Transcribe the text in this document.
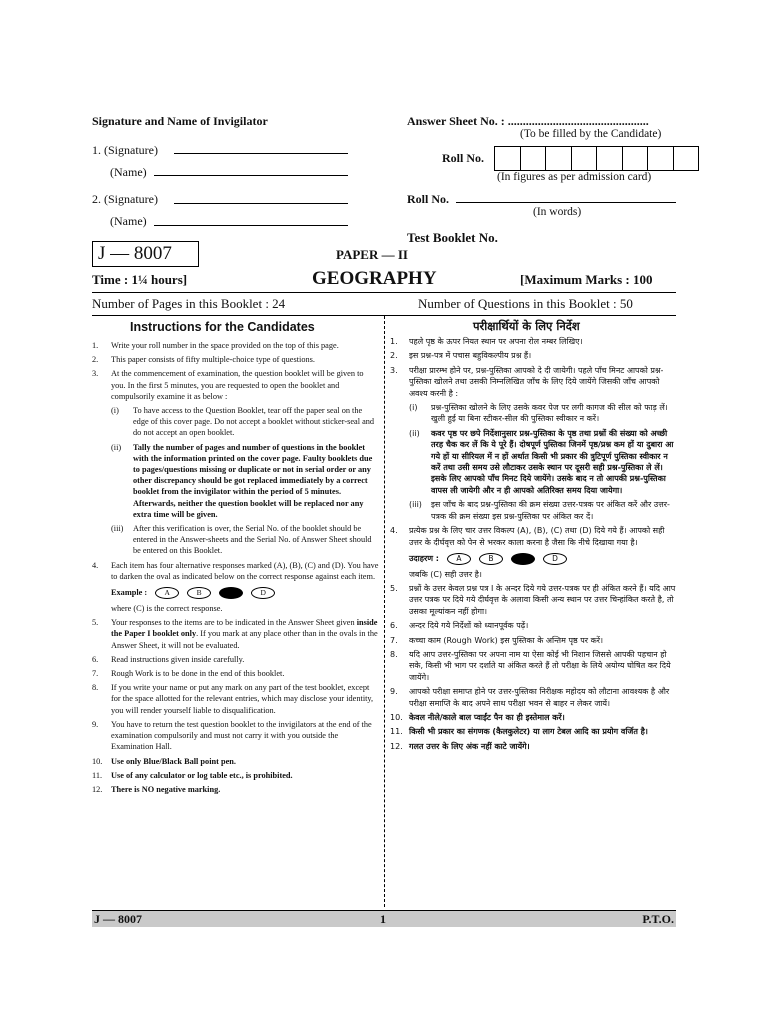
Signature and Name of Invigilator
1. (Signature)
(Name)
2. (Signature)
(Name)
Answer Sheet No. : ...............................................
(To be filled by the Candidate)
Roll No.
(In figures as per admission card)
Roll No.
(In words)
Test Booklet No.
J — 8007	PAPER — II
Time : 1¼ hours]	GEOGRAPHY	[Maximum Marks : 100
Number of Pages in this Booklet : 24	Number of Questions in this Booklet : 50
Instructions for the Candidates
1. Write your roll number in the space provided on the top of this page.
2. This paper consists of fifty multiple-choice type of questions.
3. At the commencement of examination, the question booklet will be given to you. In the first 5 minutes, you are requested to open the booklet and compulsorily examine it as below :
(i) To have access to the Question Booklet, tear off the paper seal on the edge of this cover page. Do not accept a booklet without sticker-seal and do not accept an open booklet.
(ii) Tally the number of pages and number of questions in the booklet with the information printed on the cover page. Faulty booklets due to pages/questions missing or duplicate or not in serial order or any other discrepancy should be got replaced immediately by a correct booklet from the invigilator within the period of 5 minutes. Afterwards, neither the question booklet will be replaced nor any extra time will be given.
(iii) After this verification is over, the Serial No. of the booklet should be entered in the Answer-sheets and the Serial No. of Answer Sheet should be entered on this Booklet.
4. Each item has four alternative responses marked (A), (B), (C) and (D). You have to darken the oval as indicated below on the correct response against each item.
Example :	A	B	C	D
where (C) is the correct response.
5. Your responses to the items are to be indicated in the Answer Sheet given inside the Paper I booklet only. If you mark at any place other than in the ovals in the Answer Sheet, it will not be evaluated.
6. Read instructions given inside carefully.
7. Rough Work is to be done in the end of this booklet.
8. If you write your name or put any mark on any part of the test booklet, except for the space allotted for the relevant entries, which may disclose your identity, you will render yourself liable to disqualification.
9. You have to return the test question booklet to the invigilators at the end of the examination compulsorily and must not carry it with you outside the Examination Hall.
10. Use only Blue/Black Ball point pen.
11. Use of any calculator or log table etc., is prohibited.
12. There is NO negative marking.
परीक्षार्थियों के लिए निर्देश
1. पहले पृष्ठ के ऊपर नियत स्थान पर अपना रोल नम्बर लिखिए।
2. इस प्रश्न-पत्र में पचास बहुविकल्पीय प्रश्न हैं।
3. परीक्षा प्रारम्भ होने पर, प्रश्न-पुस्तिका आपको दे दी जायेगी। पहले पाँच मिनट आपको प्रश्न-पुस्तिका खोलने तथा उसकी निम्नलिखित जाँच के लिए दिये जायेंगे जिसकी जाँच आपको अवश्य करनी है :
(i) प्रश्न-पुस्तिका खोलने के लिए उसके कवर पेज पर लगी कागज की सील को फाड़ लें। खुली हुई या बिना स्टीकर-सील की पुस्तिका स्वीकार न करें।
(ii) कवर पृष्ठ पर छपे निर्देशानुसार प्रश्न-पुस्तिका के पृष्ठ तथा प्रश्नों की संख्या को अच्छी तरह चैक कर लें कि ये पूरे हैं। दोषपूर्ण पुस्तिका जिनमें पृष्ठ/प्रश्न कम हों या दुबारा आ गये हों या सीरियल में न हों अर्थात किसी भी प्रकार की त्रुटिपूर्ण पुस्तिका स्वीकार न करें तथा उसी समय उसे लौटाकर उसके स्थान पर दूसरी सही प्रश्न-पुस्तिका ले लें। इसके लिए आपको पाँच मिनट दिये जायेंगे। उसके बाद न तो आपकी प्रश्न-पुस्तिका वापस ली जायेगी और न ही आपको अतिरिक्त समय दिया जायेगा।
(iii) इस जाँच के बाद प्रश्न-पुस्तिका की क्रम संख्या उत्तर-पत्रक पर अंकित करें और उत्तर-पत्रक की क्रम संख्या इस प्रश्न-पुस्तिका पर अंकित कर दें।
4. प्रत्येक प्रश्न के लिए चार उत्तर विकल्प (A), (B), (C) तथा (D) दिये गये हैं। आपको सही उत्तर के दीर्घवृत्त को पेन से भरकर काला करना है जैसा कि नीचे दिखाया गया है।
उदाहरण :	A	B	C	D
जबकि (C) सही उत्तर है।
5. प्रश्नों के उत्तर केवल प्रश्न पत्र I के अन्दर दिये गये उत्तर-पत्रक पर ही अंकित करने हैं। यदि आप उत्तर पत्रक पर दिये गये दीर्घवृत्त के अलावा किसी अन्य स्थान पर उत्तर चिन्हांकित करते है, तो उसका मूल्यांकन नहीं होगा।
6. अन्दर दिये गये निर्देशों को ध्यानपूर्वक पढ़ें।
7. कच्चा काम (Rough Work) इस पुस्तिका के अन्तिम पृष्ठ पर करें।
8. यदि आप उत्तर-पुस्तिका पर अपना नाम या ऐसा कोई भी निशान जिससे आपकी पहचान हो सके, किसी भी भाग पर दर्शाते या अंकित करते हैं तो परीक्षा के लिये अयोग्य घोषित कर दिये जायेंगे।
9. आपको परीक्षा समाप्त होने पर उत्तर-पुस्तिका निरीक्षक महोदय को लौटाना आवश्यक है और परीक्षा समाप्ति के बाद अपने साथ परीक्षा भवन से बाहर न लेकर जायें।
10. केवल नीले/काले बाल प्वाईंट पैन का ही इस्तेमाल करें।
11. किसी भी प्रकार का संगणक (कैलकुलेटर) या लाग टेबल आदि का प्रयोग वर्जित है।
12. गलत उत्तर के लिए अंक नहीं काटे जायेंगे।
J — 8007	1	P.T.O.
